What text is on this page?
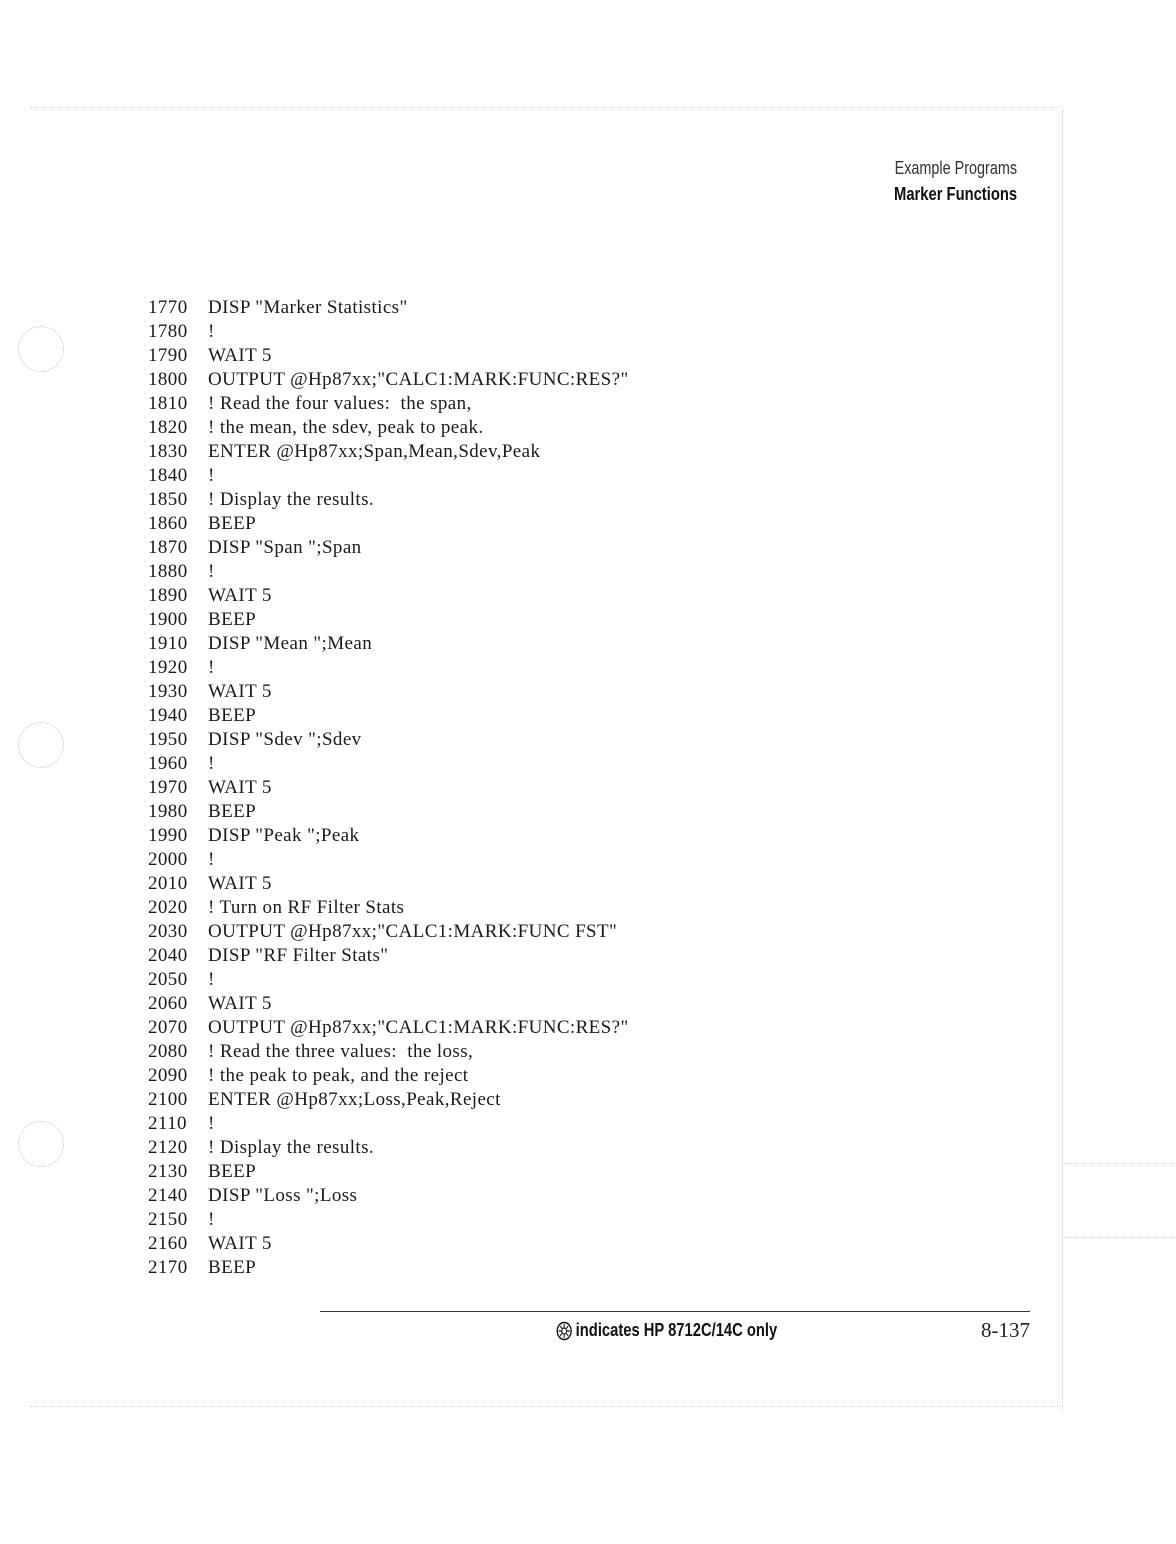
Example Programs
Marker Functions
1770 DISP "Marker Statistics"
1780 !
1790 WAIT 5
1800 OUTPUT @Hp87xx;"CALC1:MARK:FUNC:RES?"
1810 ! Read the four values:  the span,
1820 ! the mean, the sdev, peak to peak.
1830 ENTER @Hp87xx;Span,Mean,Sdev,Peak
1840 !
1850 ! Display the results.
1860 BEEP
1870 DISP "Span ";Span
1880 !
1890 WAIT 5
1900 BEEP
1910 DISP "Mean ";Mean
1920 !
1930 WAIT 5
1940 BEEP
1950 DISP "Sdev ";Sdev
1960 !
1970 WAIT 5
1980 BEEP
1990 DISP "Peak ";Peak
2000 !
2010 WAIT 5
2020 ! Turn on RF Filter Stats
2030 OUTPUT @Hp87xx;"CALC1:MARK:FUNC FST"
2040 DISP "RF Filter Stats"
2050 !
2060 WAIT 5
2070 OUTPUT @Hp87xx;"CALC1:MARK:FUNC:RES?"
2080 ! Read the three values:  the loss,
2090 ! the peak to peak, and the reject
2100 ENTER @Hp87xx;Loss,Peak,Reject
2110 !
2120 ! Display the results.
2130 BEEP
2140 DISP "Loss ";Loss
2150 !
2160 WAIT 5
2170 BEEP
indicates HP 8712C/14C only	8-137
